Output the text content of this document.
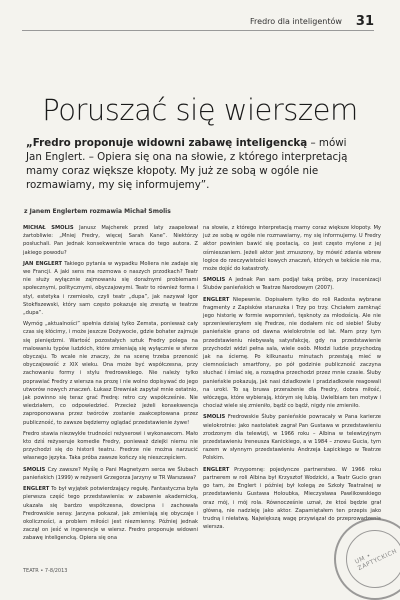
Fredro dla inteligentów 31
Poruszać się wierszem
„Fredro proponuje widowni zabawę inteligencką – mówi Jan Englert. – Opiera się ona na słowie, z którego interpretacją mamy coraz większe kłopoty. My już ze sobą w ogóle nie rozmawiamy, my się informujemy”.
z Janem Englertem rozmawia Michał Smolis

MICHAŁ SMOLIS Janusz Majcherek przed laty zaapelował żartobliwie: „Mniej Fredry, więcej Sarah Kane”. Niektórzy posłuchali. Pan jednak konsekwentnie wraca do tego autora. Z jakiego powodu?

JAN ENGLERT Takiego pytania w wypadku Moliera nie zadaje się we Francji. A jaki sens ma rozmowa o naszych przodkach? Teatr nie służy wyłącznie zajmowaniu się doraźnymi problemami społecznymi, politycznymi, obyczajowymi. Teatr to również forma i styl, estetyka i rzemiosło, czyli teatr „dupa”, jak nazywał Igor Stokfiszewski, który sam często pokazuje się zresztą w teatrze „dupa”.

Wymóg „aktualności” spełnia dzisiaj tylko Zemsta, ponieważ cały czas się kłócimy, i może jeszcze Dożywocie, gdzie bohater zajmuje się pieniędzmi. Wartość pozostałych sztuk Fredry polega na malowaniu typów ludzkich, które zmieniają się wyłącznie w sferze obyczaju. To wcale nie znaczy, że na scenę trzeba przenosić obyczajowość z XIX wieku. Ona może być współczesna, przy zachowaniu formy i stylu fredrowskiego. Nie należy tylko poprawiać Fredry z wiersza na prozę i nie wolno dopisywać do jego utworów nowych znaczeń. Łukasz Drewniak zapytał mnie ostatnio, jak powinno się teraz grać Fredrę: retro czy współcześnie. Nie wiedziałem, co odpowiedzieć. Przecież jeżeli konsekwencja zaproponowana przez twórców zostanie zaakceptowana przez publiczność, to zawsze będziemy oglądać przedstawienie żywe!

Fredro stawia niezwykłe trudności reżyserowi i wykonawcom. Mało kto dziś reżyseruje komedie Fredry, ponieważ dziejki niemu nie przychodzi się do historii teatru. Fredrze nie można narzucić własnego języka. Taka próba zawsze kończy się nieszczęściem.

SMOLIS Czy zawsze? Myślę o Pani Magnetyzm serca we Ślubach panieńskich (1999) w reżyserii Grzegorza Jarzyny w TR Warszawa?

ENGLERT To był wyjątek potwierdzający regułę. Fantastyczna była pierwsza część tego przedstawienia: w zabawnie akademicką, ukazała się bardzo współczesna, dowcipna i zachowała Fredrowskie sensy. Jarzyna pokazał, jak zmieniają się obyczaje i okoliczności, a problem miłości jest niezmienny. Później jednak zaczął on jeść w ingerencje w wiersz. Fredro proponuje widowni zabawę inteligencką. Opiera się ona

na słowie, z którego interpretacją mamy coraz większe kłopoty. My już ze sobą w ogóle nie rozmawiamy, my się informujemy. U Fredry aktor powinien bawić się postacią, co jest często mylone z jej ośmieszaniem. Jeżeli aktor jest zmuszony, by mówić zdania wbrew logice do rzeczywistości kowych znaczeń, których w tekście nie ma, może dojść do katastrofy.

SMOLIS A jednak Pan sam podjął taką próbę, przy inscenizacji Ślubów panieńskich w Teatrze Narodowym (2007).

ENGLERT Niepewnie. Dopisałem tylko do roli Radosta wybrane fragmenty z Zapisków staruszka i Trzy po trzy. Chciałem zamknąć jego historię w formie wspomnień, tęsknoty za młodością. Ale nie sprzeniewierzyłem się Fredrze, nie dodałem nic od siebie! Śluby panieńskie grano od dawna wielokrotnie od lat. Mam przy tym przedstawieniu niebywałą satysfakcję, gdy na przedstawienie przychodzi widzi pełna sala, wiele osób. Młodzi ludzie przychodzą jak na ściemę. Po kilkunastu minutach przestają mieć w ciemnościach smartfony, po pół godzinie publiczność zaczyna słuchać i śmiać się, a rozsądna przechodzi przez mnie czasie. Śluby panieńskie pokazują, jak nasi dziadkowie i pradziadkowie reagowali na uroki. To są bruwa przerażenie dla Fredry, dobra miłość, włóczęga, które wybierają, którym się lubią. Uwielbiam ten motyw i chociaż wiele się zmieniło, bądź co bądź, nigdy nie zmieniło.

SMOLIS Fredrowskie Śluby panieńskie powracały w Pana karierze wielokrotnie: jako nastolatek zagrał Pan Gustawa w przedstawieniu zrodzonym dla telewizji, w 1966 roku – Albina w telewizyjnym przedstawieniu Ireneusza Kanickiego, a w 1984 – znowu Gucia, tym razem w słynnym przedstawieniu Andrzeja Łapickiego w Teatrze Polskim.

ENGLERT Przypomnę: pojedyncze partnerstwo. W 1966 roku partnerem w roli Albina był Krzysztof Wodzicki, a Teatr Gucio gran go tam, że Englert i później był kolegą ze Szkoły Teatralnej w przedstawieniu Gustawa Holoubka, Mieczysława Pawlikowskiego oraz mój, i mój rola. Równocześnie uznał, że ktoś będzie grał główną, nie nadzieję jako aktor. Zapamiętałem ten przepis jako trudną i niełatwą. Największą wagę przywiązał do przeprowadzenia wiersza.

TEATR • 7-8/2013
UM • ZAPTYCKICH
